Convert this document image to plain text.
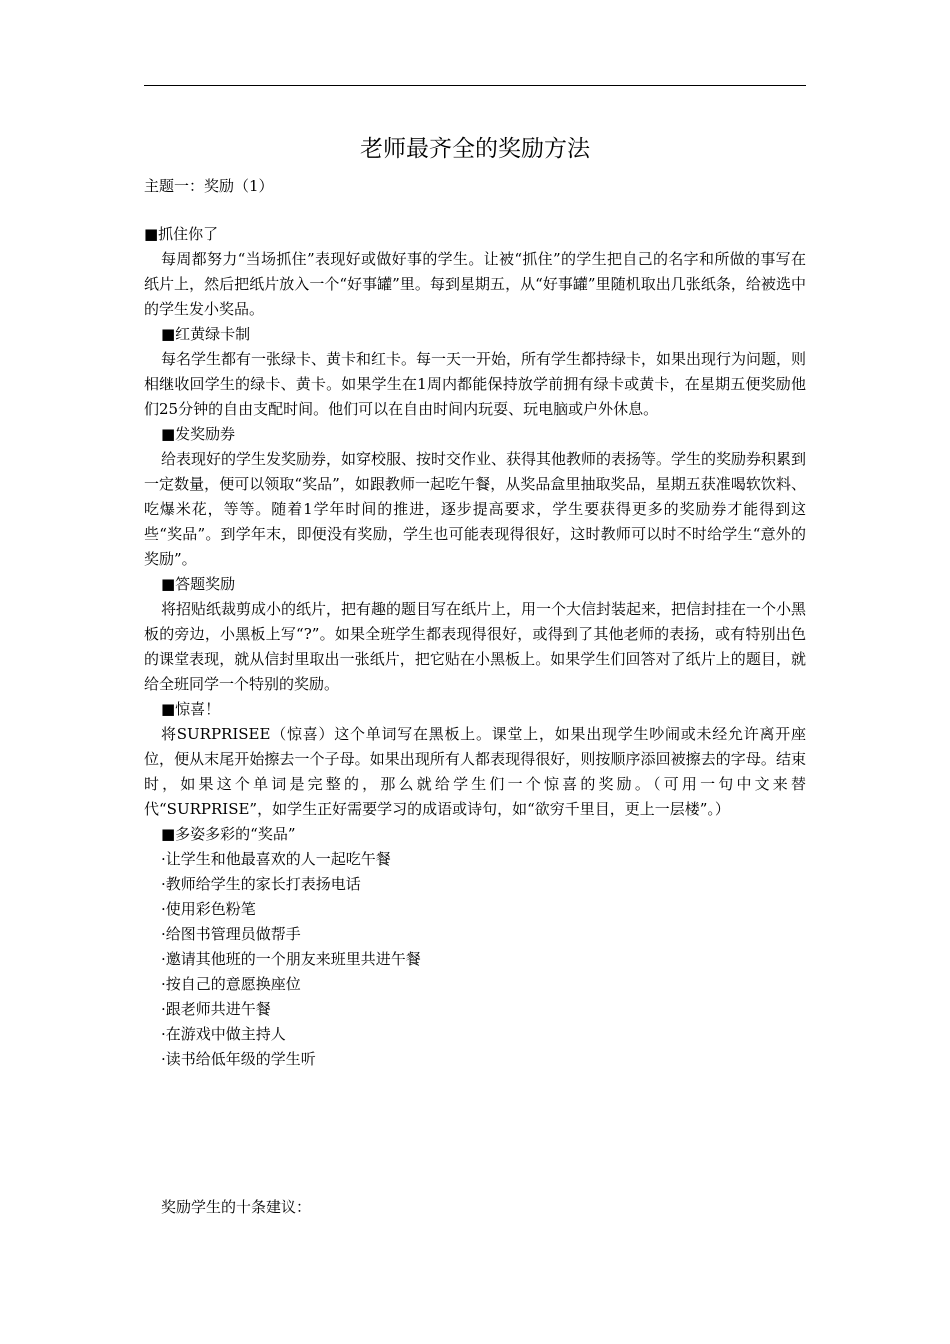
老师最齐全的奖励方法

主题一：奖励（1）

■抓住你了

每周都努力“当场抓住”表现好或做好事的学生。让被“抓住”的学生把自己的名字和所做的事写在纸片上，然后把纸片放入一个“好事罐”里。每到星期五，从“好事罐”里随机取出几张纸条，给被选中的学生发小奖品。

■红黄绿卡制

每名学生都有一张绿卡、黄卡和红卡。每一天一开始，所有学生都持绿卡，如果出现行为问题，则相继收回学生的绿卡、黄卡。如果学生在1周内都能保持放学前拥有绿卡或黄卡，在星期五便奖励他们25分钟的自由支配时间。他们可以在自由时间内玩耍、玩电脑或户外休息。

■发奖励券

给表现好的学生发奖励券，如穿校服、按时交作业、获得其他教师的表扬等。学生的奖励券积累到一定数量，便可以领取“奖品”，如跟教师一起吃午餐，从奖品盒里抽取奖品，星期五获准喝软饮料、吃爆米花，等等。随着1学年时间的推进，逐步提高要求，学生要获得更多的奖励券才能得到这些“奖品”。到学年末，即便没有奖励，学生也可能表现得很好，这时教师可以时不时给学生“意外的奖励”。

■答题奖励

将招贴纸裁剪成小的纸片，把有趣的题目写在纸片上，用一个大信封装起来，把信封挂在一个小黑板的旁边，小黑板上写“?”。如果全班学生都表现得很好，或得到了其他老师的表扬，或有特别出色的课堂表现，就从信封里取出一张纸片，把它贴在小黑板上。如果学生们回答对了纸片上的题目，就给全班同学一个特别的奖励。

■惊喜！

将SURPRISEE（惊喜）这个单词写在黑板上。课堂上，如果出现学生吵闹或未经允许离开座位，便从末尾开始擦去一个子母。如果出现所有人都表现得很好，则按顺序添回被擦去的字母。结束时，如果这个单词是完整的，那么就给学生们一个惊喜的奖励。（可用一句中文来替代“SURPRISE”，如学生正好需要学习的成语或诗句，如“欲穷千里目，更上一层楼”。）

■多姿多彩的“奖品”

·让学生和他最喜欢的人一起吃午餐

·教师给学生的家长打表扬电话

·使用彩色粉笔

·给图书管理员做帮手

·邀请其他班的一个朋友来班里共进午餐

·按自己的意愿换座位

·跟老师共进午餐

·在游戏中做主持人

·读书给低年级的学生听

奖励学生的十条建议：
